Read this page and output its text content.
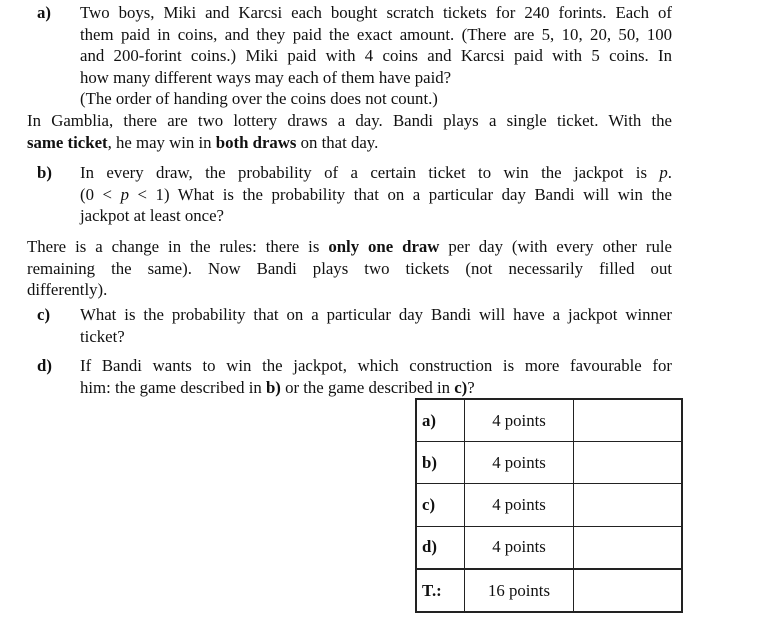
a) Two boys, Miki and Karcsi each bought scratch tickets for 240 forints. Each of
them paid in coins, and they paid the exact amount. (There are 5, 10, 20, 50, 100
and 200-forint coins.) Miki paid with 4 coins and Karcsi paid with 5 coins. In
how many different ways may each of them have paid?
(The order of handing over the coins does not count.)
In Gamblia, there are two lottery draws a day. Bandi plays a single ticket. With the
same ticket, he may win in both draws on that day.
b) In every draw, the probability of a certain ticket to win the jackpot is p.
(0 < p < 1) What is the probability that on a particular day Bandi will win the
jackpot at least once?
There is a change in the rules: there is only one draw per day (with every other rule
remaining the same). Now Bandi plays two tickets (not necessarily filled out
differently).
c) What is the probability that on a particular day Bandi will have a jackpot winner
ticket?
d) If Bandi wants to win the jackpot, which construction is more favourable for
him: the game described in b) or the game described in c)?
a)	4 points	
b)	4 points	
c)	4 points	
d)	4 points	
T.:	16 points	
